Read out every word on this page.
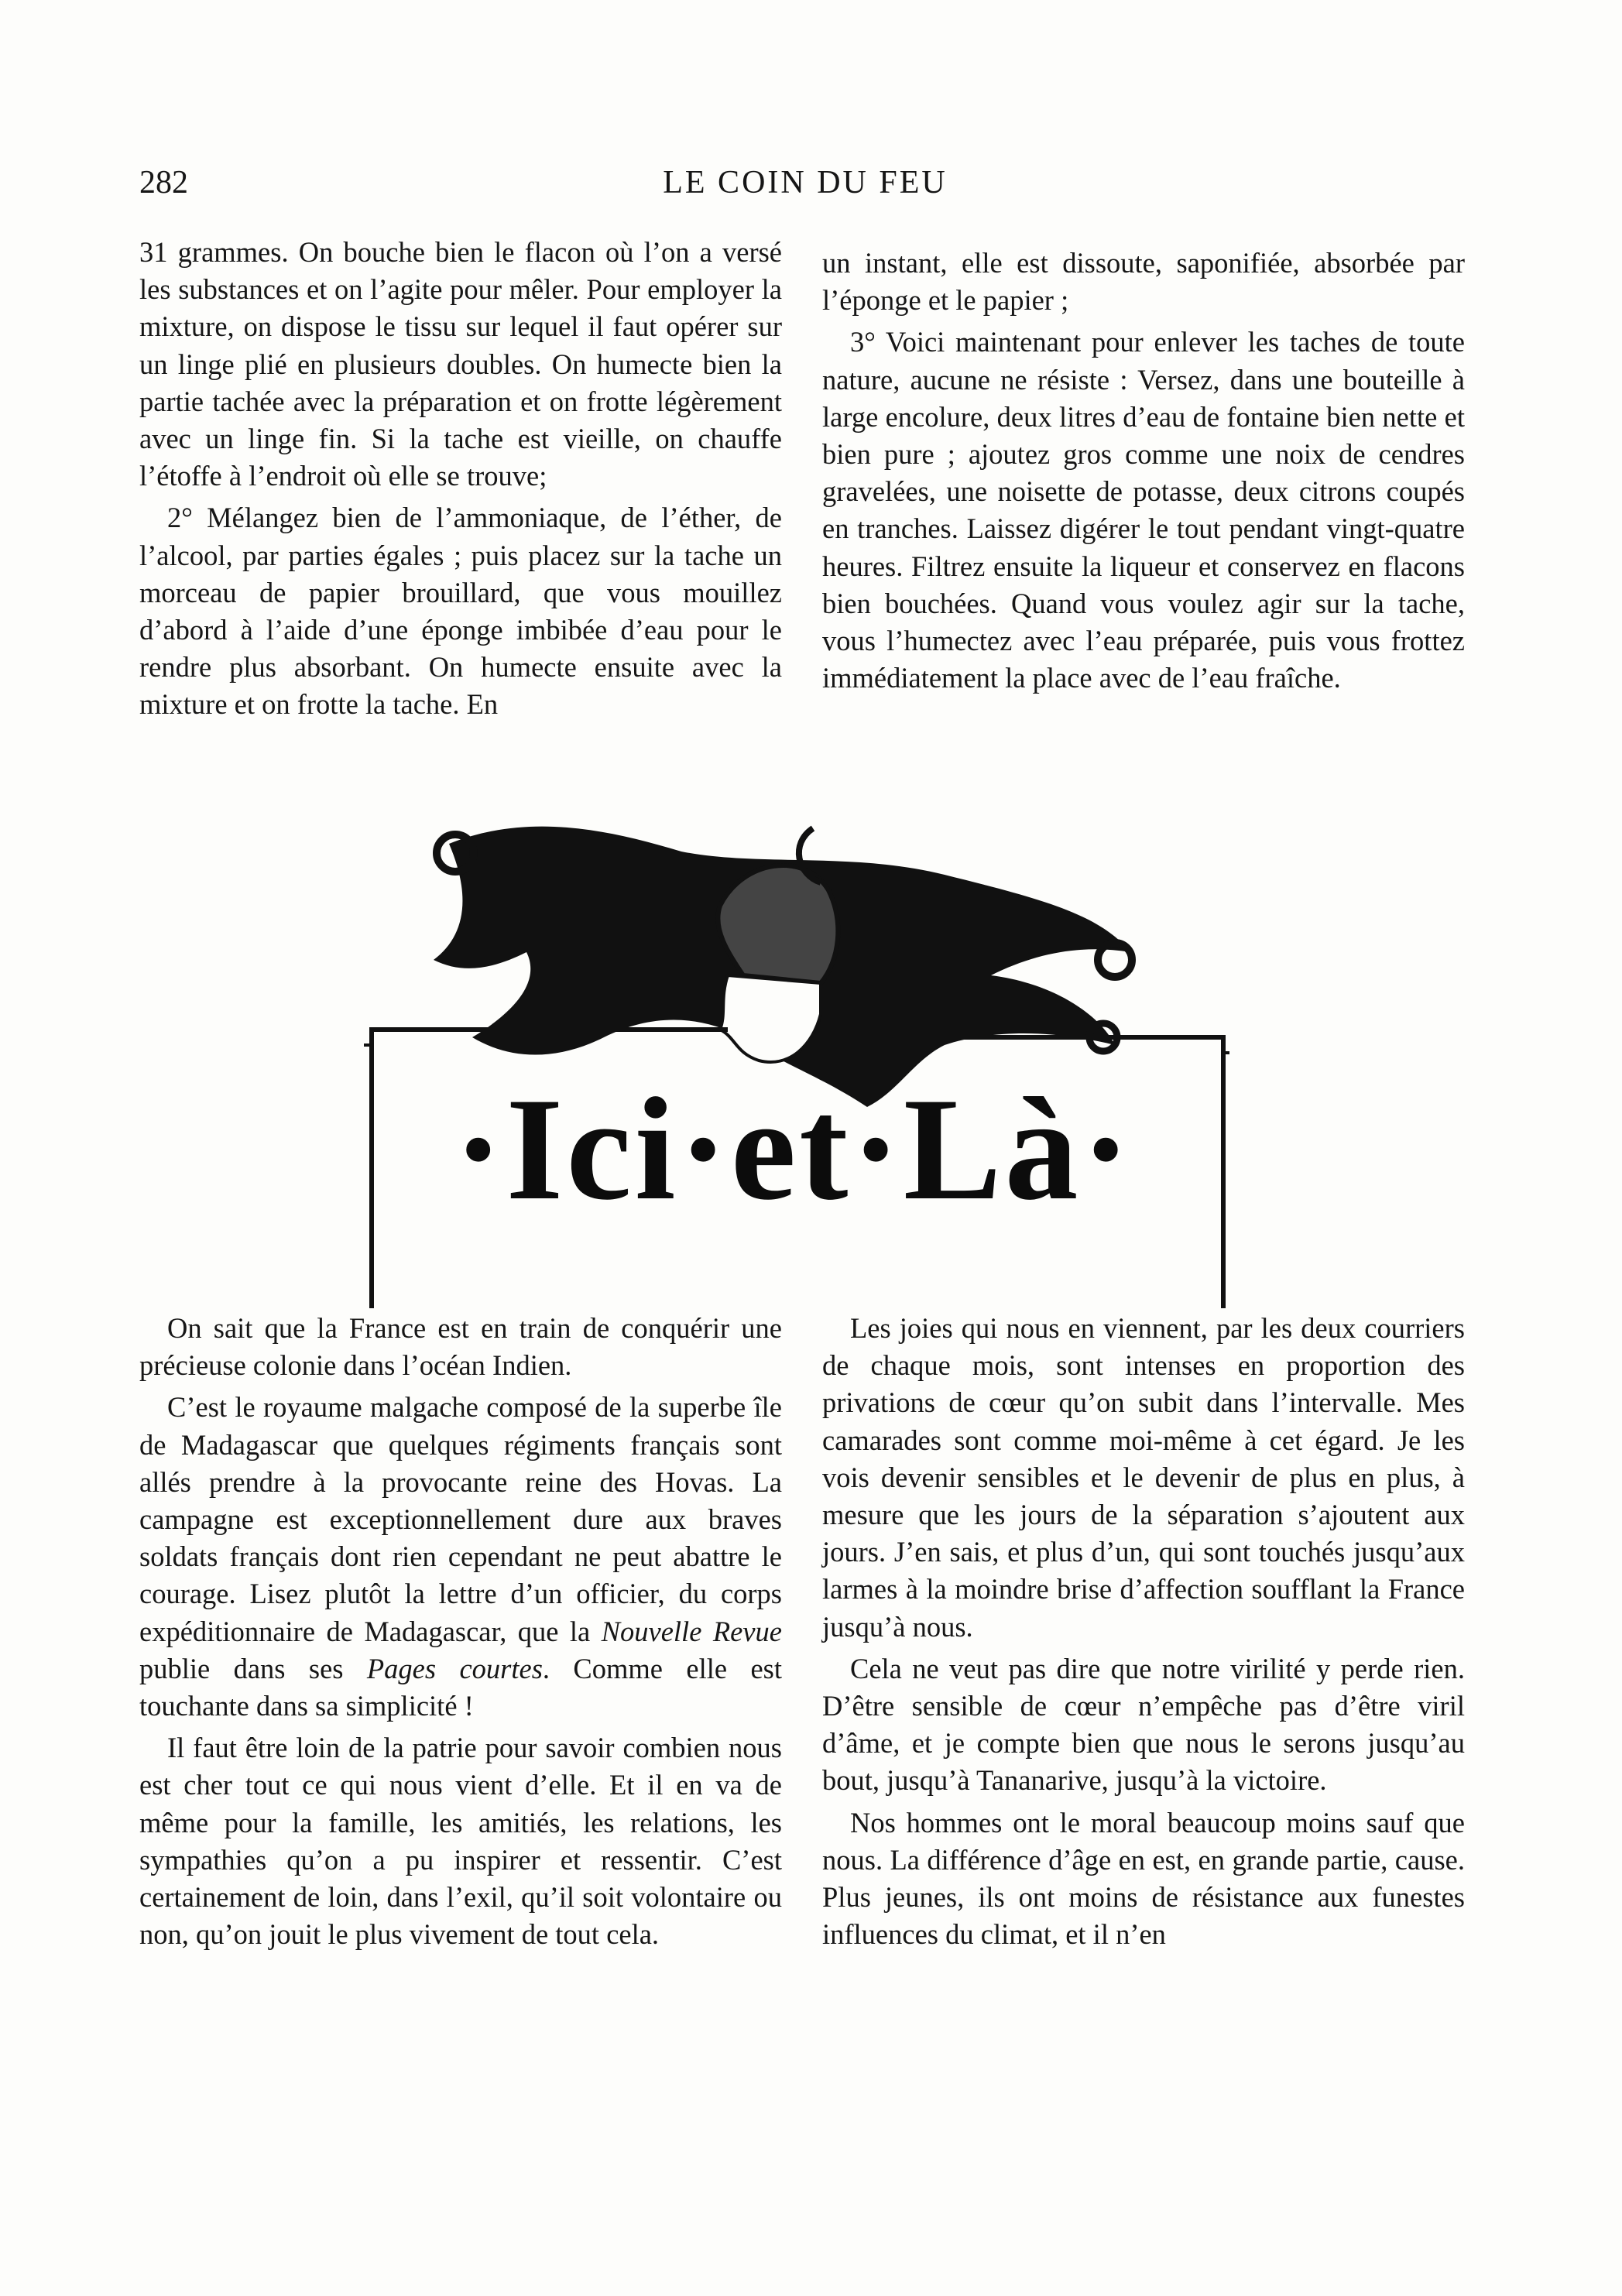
282	LE COIN DU FEU

31 grammes. On bouche bien le flacon où l’on a versé les substances et on l’agite pour mêler. Pour employer la mixture, on dispose le tissu sur lequel il faut opérer sur un linge plié en plusieurs doubles. On humecte bien la partie tachée avec la préparation et on frotte légèrement avec un linge fin. Si la tache est vieille, on chauffe l’étoffe à l’endroit où elle se trouve;

2° Mélangez bien de l’ammoniaque, de l’éther, de l’alcool, par parties égales ; puis placez sur la tache un morceau de papier brouillard, que vous mouillez d’abord à l’aide d’une éponge imbibée d’eau pour le rendre plus absorbant. On humecte ensuite avec la mixture et on frotte la tache. En

un instant, elle est dissoute, saponifiée, absorbée par l’éponge et le papier ;

3° Voici maintenant pour enlever les taches de toute nature, aucune ne résiste : Versez, dans une bouteille à large encolure, deux litres d’eau de fontaine bien nette et bien pure ; ajoutez gros comme une noix de cendres gravelées, une noisette de potasse, deux citrons coupés en tranches. Laissez digérer le tout pendant vingt-quatre heures. Filtrez ensuite la liqueur et conservez en flacons bien bouchées. Quand vous voulez agir sur la tache, vous l’humectez avec l’eau préparée, puis vous frottez immédiatement la place avec de l’eau fraîche.

·Ici·et·Là·

On sait que la France est en train de conquérir une précieuse colonie dans l’océan Indien.

C’est le royaume malgache composé de la superbe île de Madagascar que quelques régiments français sont allés prendre à la provocante reine des Hovas. La campagne est exceptionnellement dure aux braves soldats français dont rien cependant ne peut abattre le courage. Lisez plutôt la lettre d’un officier, du corps expéditionnaire de Madagascar, que la Nouvelle Revue publie dans ses Pages courtes. Comme elle est touchante dans sa simplicité !

Il faut être loin de la patrie pour savoir combien nous est cher tout ce qui nous vient d’elle. Et il en va de même pour la famille, les amitiés, les relations, les sympathies qu’on a pu inspirer et ressentir. C’est certainement de loin, dans l’exil, qu’il soit volontaire ou non, qu’on jouit le plus vivement de tout cela.

Les joies qui nous en viennent, par les deux courriers de chaque mois, sont intenses en proportion des privations de cœur qu’on subit dans l’intervalle. Mes camarades sont comme moi-même à cet égard. Je les vois devenir sensibles et le devenir de plus en plus, à mesure que les jours de la séparation s’ajoutent aux jours. J’en sais, et plus d’un, qui sont touchés jusqu’aux larmes à la moindre brise d’affection soufflant la France jusqu’à nous.

Cela ne veut pas dire que notre virilité y perde rien. D’être sensible de cœur n’empêche pas d’être viril d’âme, et je compte bien que nous le serons jusqu’au bout, jusqu’à Tananarive, jusqu’à la victoire.

Nos hommes ont le moral beaucoup moins sauf que nous. La différence d’âge en est, en grande partie, cause. Plus jeunes, ils ont moins de résistance aux funestes influences du climat, et il n’en
